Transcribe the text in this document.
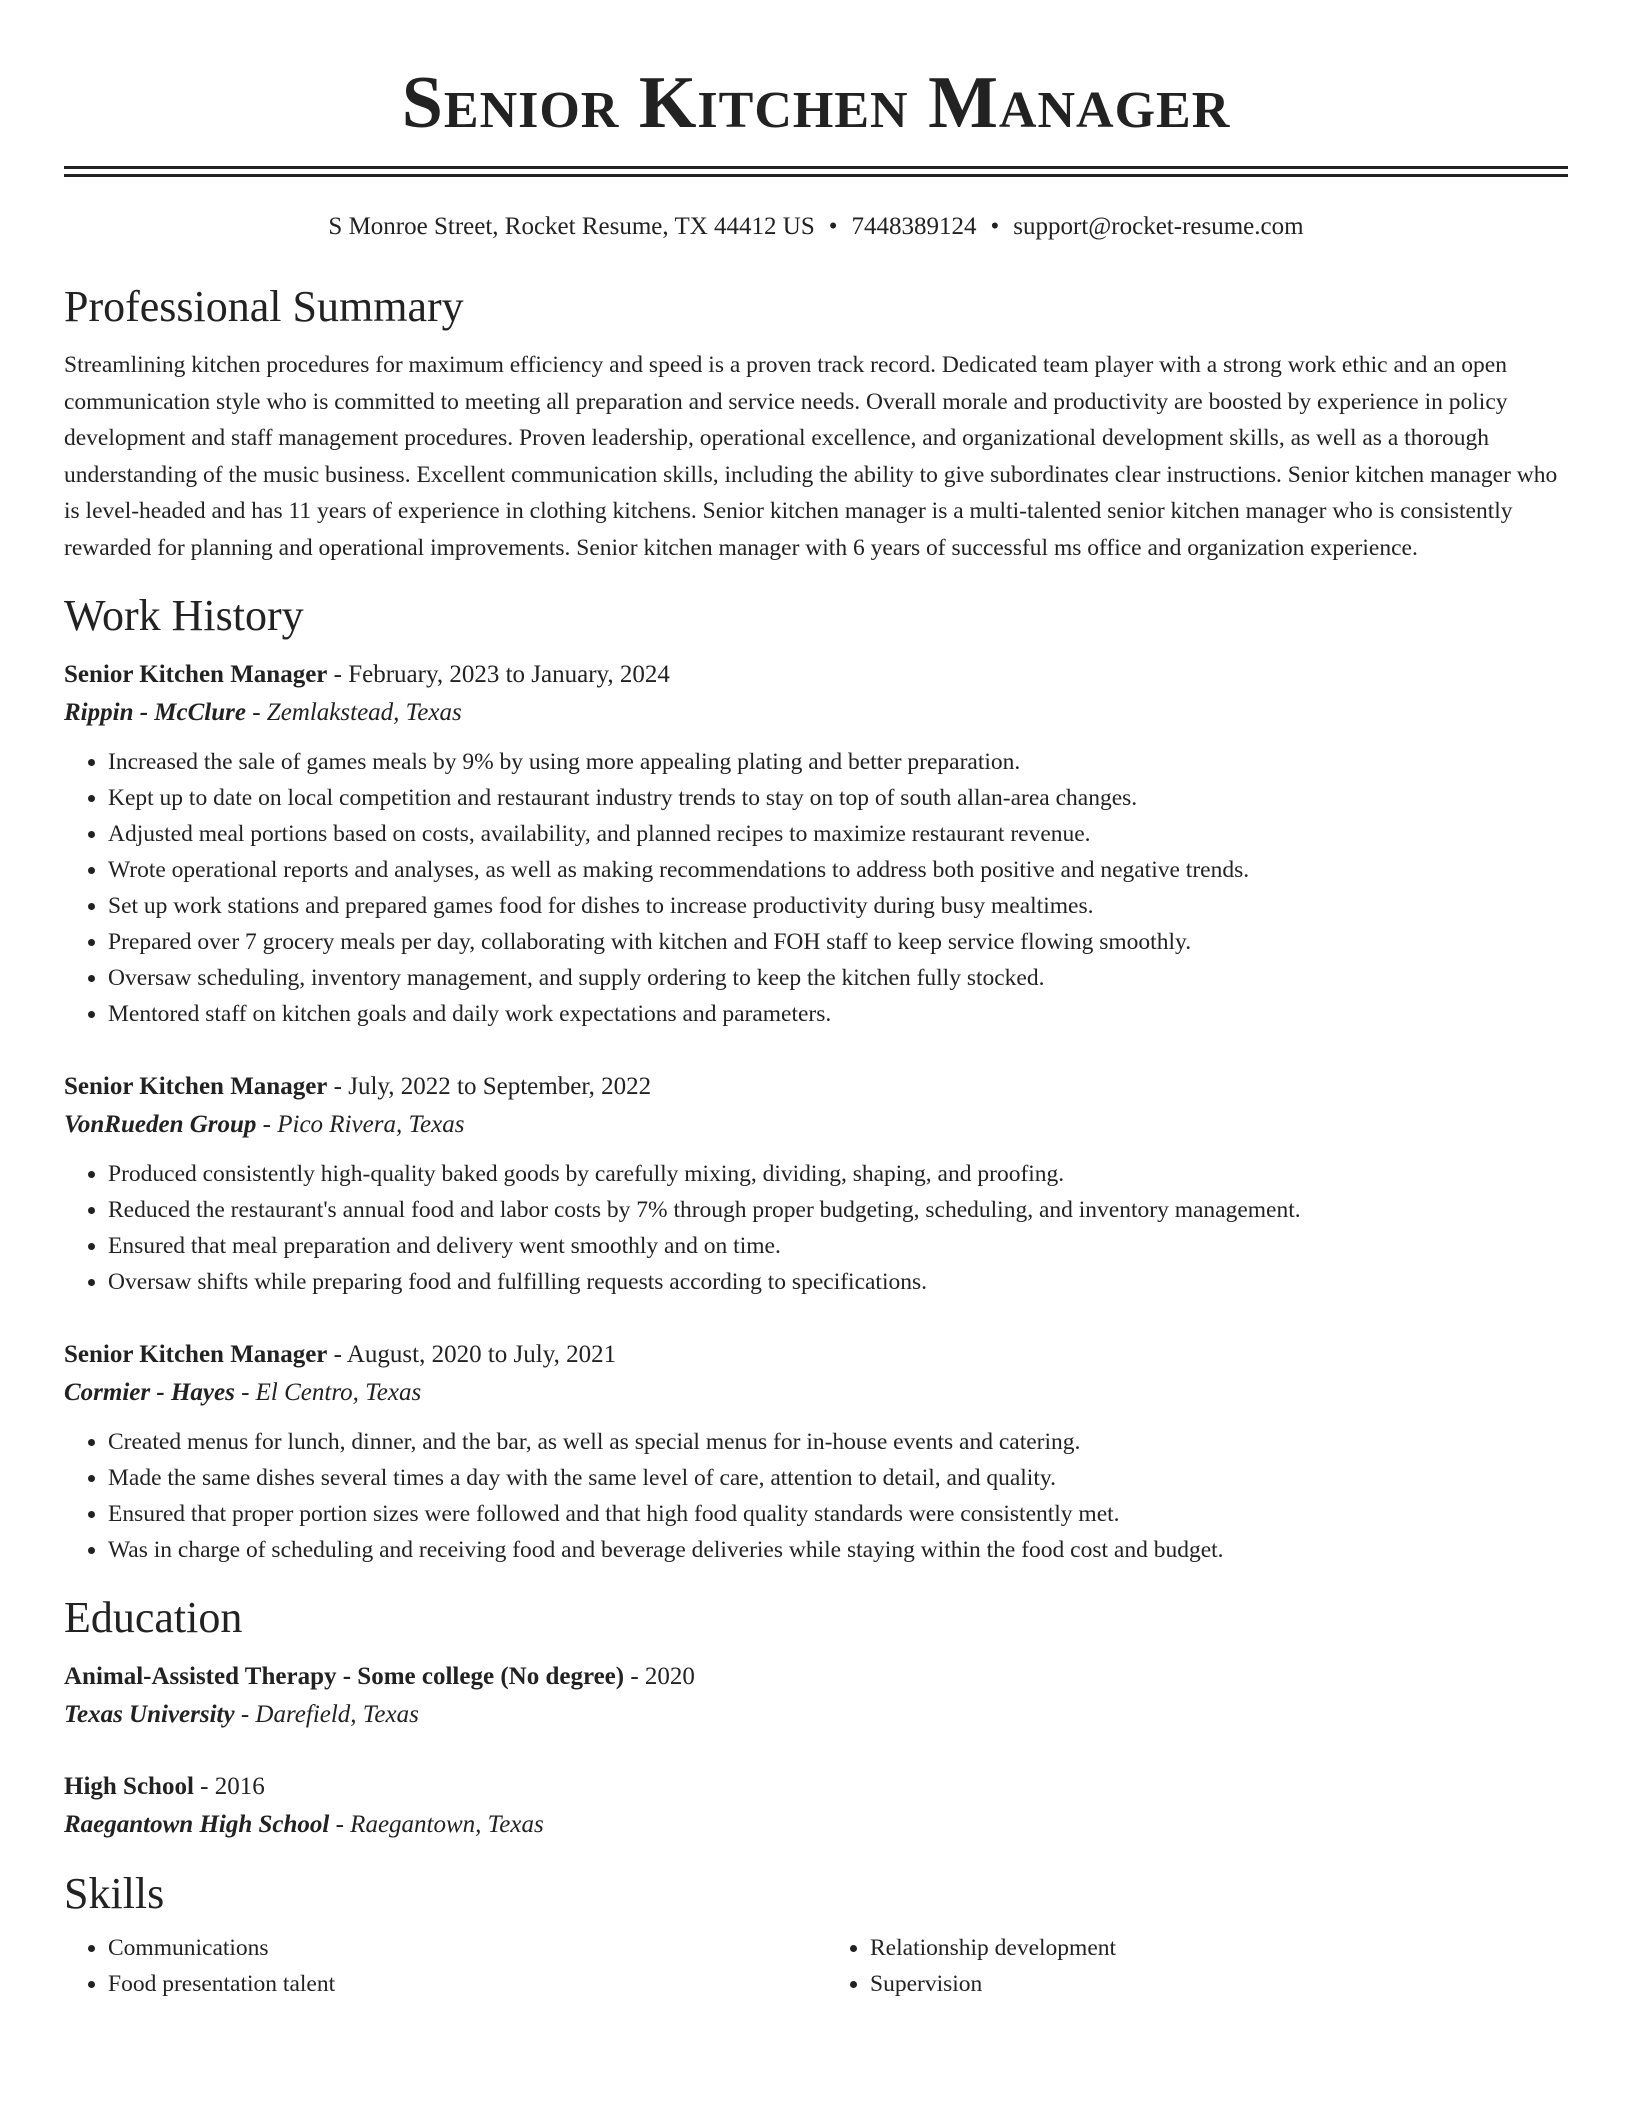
Senior Kitchen Manager
S Monroe Street, Rocket Resume, TX 44412 US • 7448389124 • support@rocket-resume.com
Professional Summary

Streamlining kitchen procedures for maximum efficiency and speed is a proven track record. Dedicated team player with a strong work ethic and an open communication style who is committed to meeting all preparation and service needs. Overall morale and productivity are boosted by experience in policy development and staff management procedures. Proven leadership, operational excellence, and organizational development skills, as well as a thorough understanding of the music business. Excellent communication skills, including the ability to give subordinates clear instructions. Senior kitchen manager who is level-headed and has 11 years of experience in clothing kitchens. Senior kitchen manager is a multi-talented senior kitchen manager who is consistently rewarded for planning and operational improvements. Senior kitchen manager with 6 years of successful ms office and organization experience.

Work History
Senior Kitchen Manager - February, 2023 to January, 2024
Rippin - McClure - Zemlakstead, Texas
• Increased the sale of games meals by 9% by using more appealing plating and better preparation.
• Kept up to date on local competition and restaurant industry trends to stay on top of south allan-area changes.
• Adjusted meal portions based on costs, availability, and planned recipes to maximize restaurant revenue.
• Wrote operational reports and analyses, as well as making recommendations to address both positive and negative trends.
• Set up work stations and prepared games food for dishes to increase productivity during busy mealtimes.
• Prepared over 7 grocery meals per day, collaborating with kitchen and FOH staff to keep service flowing smoothly.
• Oversaw scheduling, inventory management, and supply ordering to keep the kitchen fully stocked.
• Mentored staff on kitchen goals and daily work expectations and parameters.
Senior Kitchen Manager - July, 2022 to September, 2022
VonRueden Group - Pico Rivera, Texas
• Produced consistently high-quality baked goods by carefully mixing, dividing, shaping, and proofing.
• Reduced the restaurant's annual food and labor costs by 7% through proper budgeting, scheduling, and inventory management.
• Ensured that meal preparation and delivery went smoothly and on time.
• Oversaw shifts while preparing food and fulfilling requests according to specifications.
Senior Kitchen Manager - August, 2020 to July, 2021
Cormier - Hayes - El Centro, Texas
• Created menus for lunch, dinner, and the bar, as well as special menus for in-house events and catering.
• Made the same dishes several times a day with the same level of care, attention to detail, and quality.
• Ensured that proper portion sizes were followed and that high food quality standards were consistently met.
• Was in charge of scheduling and receiving food and beverage deliveries while staying within the food cost and budget.
Education
Animal-Assisted Therapy - Some college (No degree) - 2020
Texas University - Darefield, Texas
High School - 2016
Raegantown High School - Raegantown, Texas
Skills
• Communications
• Food presentation talent
• Relationship development
• Supervision
